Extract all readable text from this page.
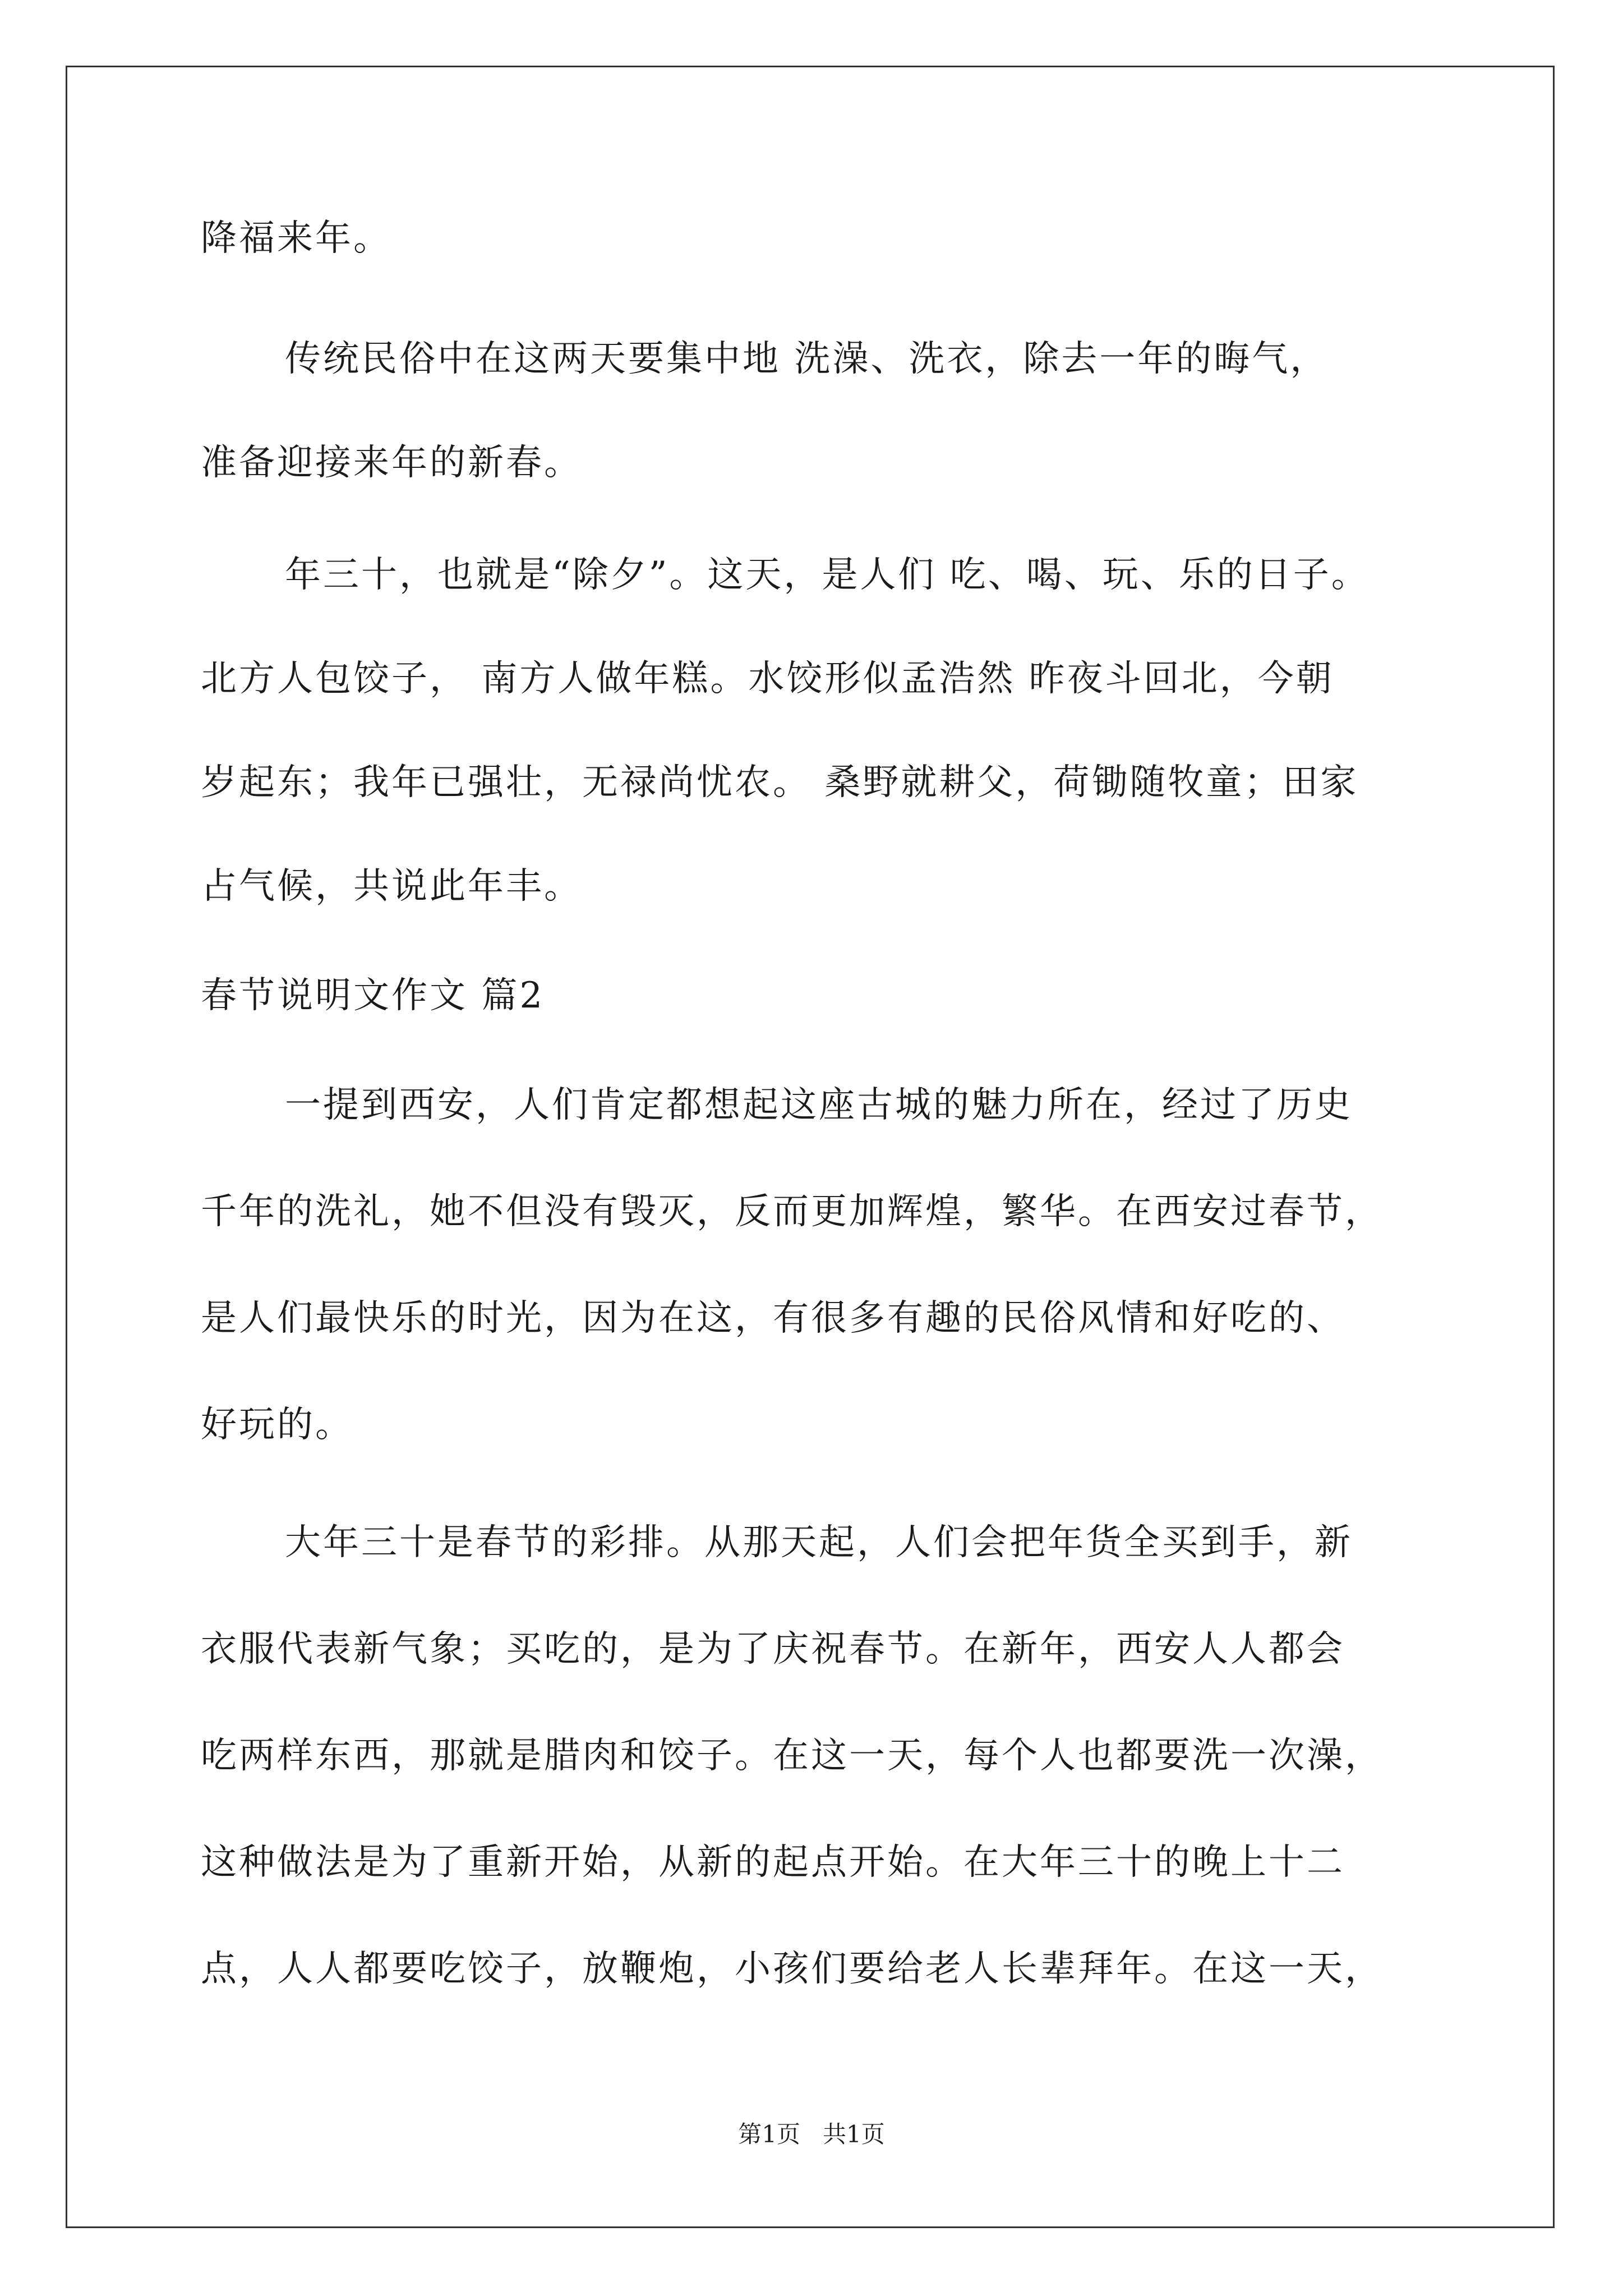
降福来年。
传统民俗中在这两天要集中地 洗澡、洗衣，除去一年的晦气，
准备迎接来年的新春。
年三十，也就是“除夕”。这天，是人们 吃、喝、玩、乐的日子。
北方人包饺子， 南方人做年糕。水饺形似孟浩然 昨夜斗回北，今朝
岁起东；我年已强壮，无禄尚忧农。 桑野就耕父，荷锄随牧童；田家
占气候，共说此年丰。
春节说明文作文 篇2
一提到西安，人们肯定都想起这座古城的魅力所在，经过了历史
千年的洗礼，她不但没有毁灭，反而更加辉煌，繁华。在西安过春节，
是人们最快乐的时光，因为在这，有很多有趣的民俗风情和好吃的、
好玩的。
大年三十是春节的彩排。从那天起，人们会把年货全买到手，新
衣服代表新气象；买吃的，是为了庆祝春节。在新年，西安人人都会
吃两样东西，那就是腊肉和饺子。在这一天，每个人也都要洗一次澡，
这种做法是为了重新开始，从新的起点开始。在大年三十的晚上十二
点，人人都要吃饺子，放鞭炮，小孩们要给老人长辈拜年。在这一天，
第1页   共1页
